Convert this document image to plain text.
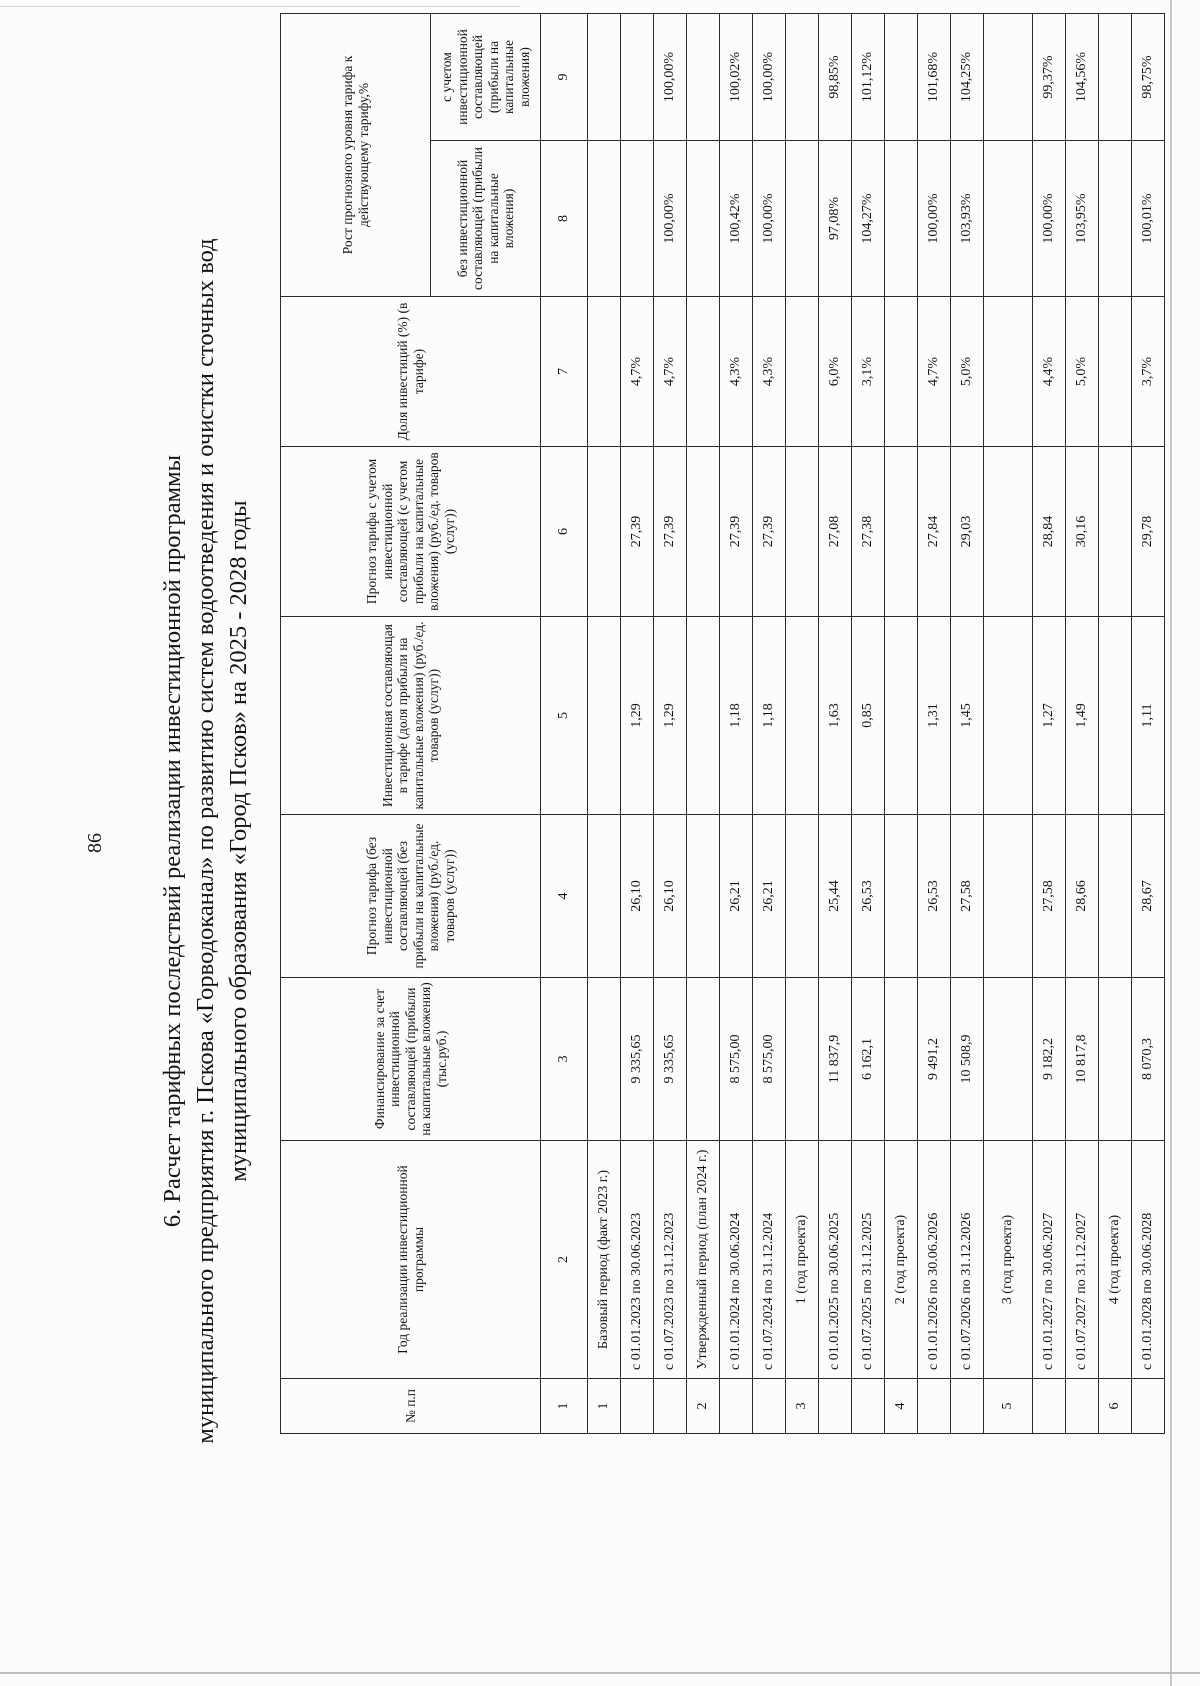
86 6. Расчет тарифных последствий реализации инвестиционной программы муниципального предприятия г. Пскова «Горводоканал» по развитию систем водоотведения и очистки сточных вод муниципального образования «Город Псков» на 2025 - 2028 годы
№ п.п	Год реализации инвестиционной программы	Финансирование за счет инвестиционной составляющей (прибыли на капитальные вложения) (тыс.руб.)	Прогноз тарифа (без инвестиционной составляющей (без прибыли на капитальные вложения) (руб./ед. товаров (услуг))	Инвестиционная составляющая в тарифе (доля прибыли на капитальные вложения) (руб./ед. товаров (услуг))	Прогноз тарифа с учетом инвестиционной составляющей (с учетом прибыли на капитальные вложения) (руб./ед. товаров (услуг))	Доля инвестиций (%) (в тарифе)	Рост прогнозного уровня тарифа к действующему тарифу,%	
							без инвестиционной составляющей (прибыли на капитальные вложения)	с учетом инвестиционной составляющей (прибыли на капитальные вложения)
1	2	3	4	5	6	7	8	9
1	Базовый период (факт 2023 г.)							
	с 01.01.2023 по 30.06.2023	9 335,65	26,10	1,29	27,39	4,7%		
	с 01.07.2023 по 31.12.2023	9 335,65	26,10	1,29	27,39	4,7%	100,00%	100,00%
2	Утвержденный период (план 2024 г.)							
	с 01.01.2024 по 30.06.2024	8 575,00	26,21	1,18	27,39	4,3%	100,42%	100,02%
	с 01.07.2024 по 31.12.2024	8 575,00	26,21	1,18	27,39	4,3%	100,00%	100,00%
3	1 (год проекта)							
	с 01.01.2025 по 30.06.2025	11 837,9	25,44	1,63	27,08	6,0%	97,08%	98,85%
	с 01.07.2025 по 31.12.2025	6 162,1	26,53	0,85	27,38	3,1%	104,27%	101,12%
4	2 (год проекта)							
	с 01.01.2026 по 30.06.2026	9 491,2	26,53	1,31	27,84	4,7%	100,00%	101,68%
	с 01.07.2026 по 31.12.2026	10 508,9	27,58	1,45	29,03	5,0%	103,93%	104,25%
5	3 (год проекта)							
	с 01.01.2027 по 30.06.2027	9 182,2	27,58	1,27	28,84	4,4%	100,00%	99,37%
	с 01.07.2027 по 31.12.2027	10 817,8	28,66	1,49	30,16	5,0%	103,95%	104,56%
6	4 (год проекта)							
	с 01.01.2028 по 30.06.2028	8 070,3	28,67	1,11	29,78	3,7%	100,01%	98,75%
